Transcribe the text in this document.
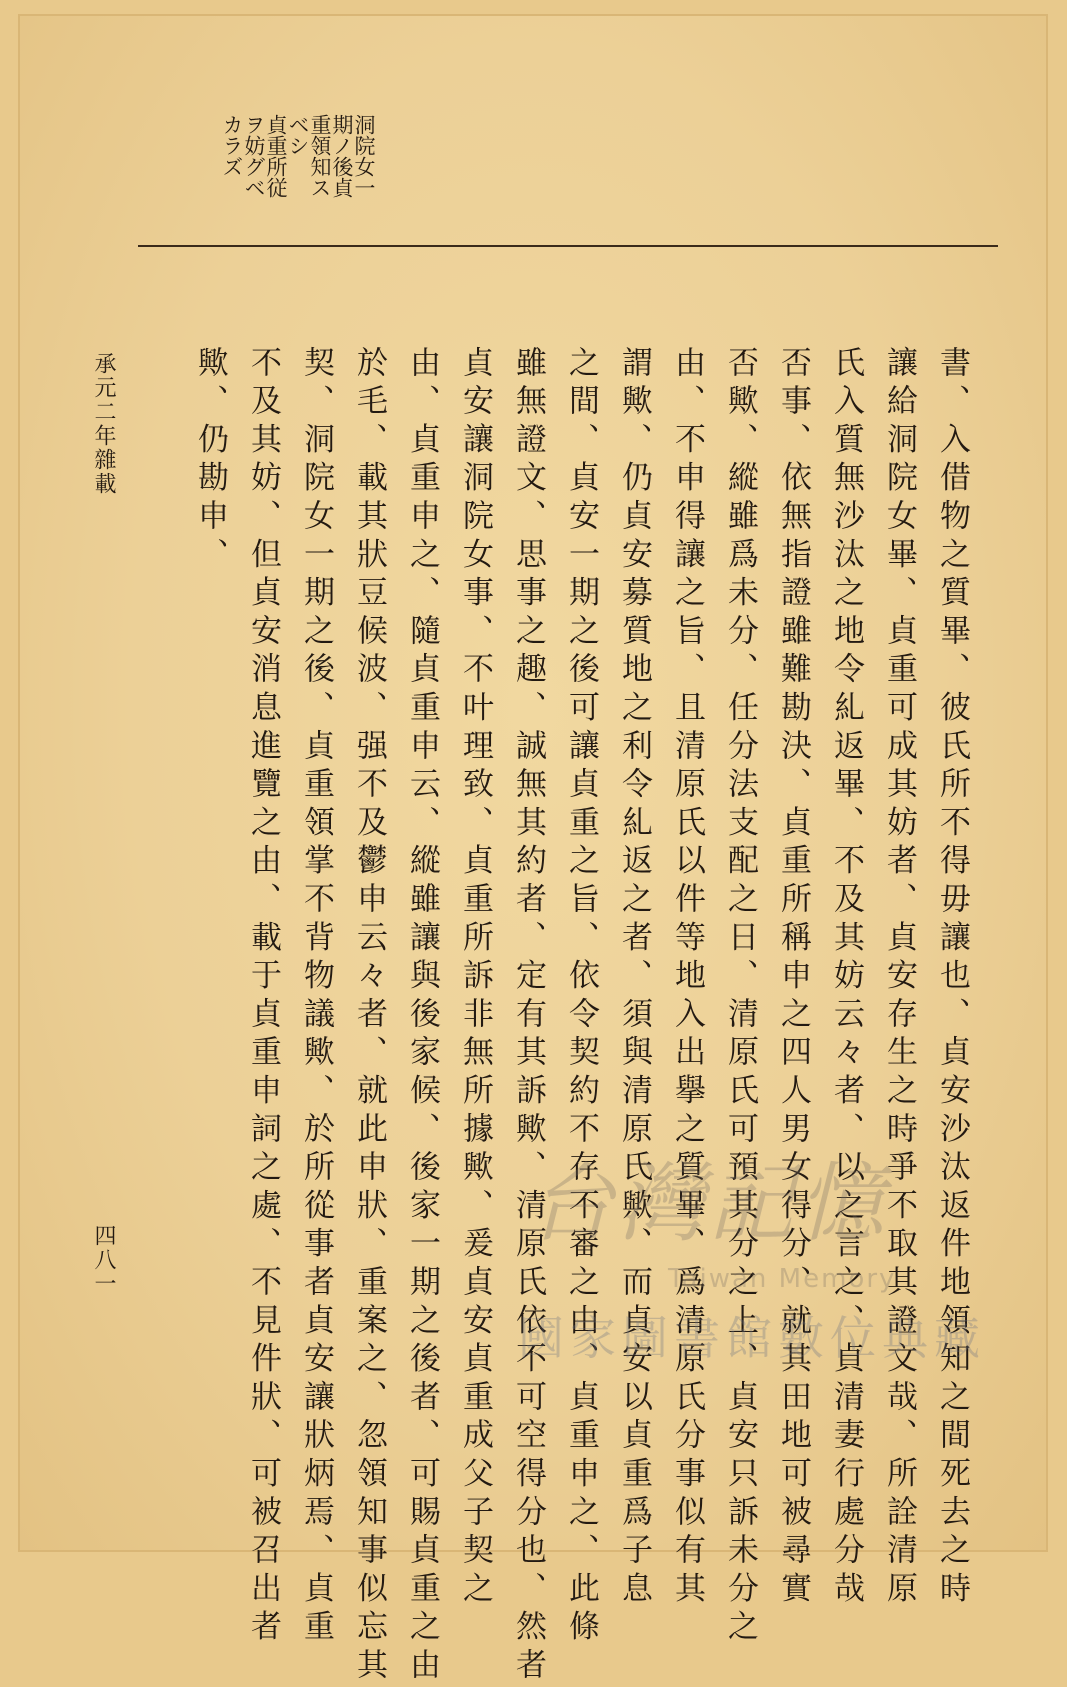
洞院女一
期ノ後貞
重領知ス
ベシ
貞重所従
ヲ妨グベ
カラズ
書、入借物之質畢、彼氏所不得毋讓也、貞安沙汰返件地領知之間死去之時
讓給洞院女畢、貞重可成其妨者、貞安存生之時爭不取其證文哉、所詮清原
氏入質無沙汰之地令糺返畢、不及其妨云々者、以之言之、貞清妻行處分哉
否事、依無指證雖難勘決、貞重所稱申之四人男女得分、就其田地可被尋實
否歟、縱雖爲未分、任分法支配之日、清原氏可預其分之上、貞安只訴未分之
由、不申得讓之旨、且清原氏以件等地入出擧之質畢、爲清原氏分事似有其
謂歟、仍貞安募質地之利令糺返之者、須與清原氏歟、而貞安以貞重爲子息
之間、貞安一期之後可讓貞重之旨、依令契約不存不審之由、貞重申之、此條
雖無證文、思事之趣、誠無其約者、定有其訴歟、清原氏依不可空得分也、然者
貞安讓洞院女事、不叶理致、貞重所訴非無所據歟、爰貞安貞重成父子契之
由、貞重申之、隨貞重申云、縱雖讓與後家候、後家一期之後者、可賜貞重之由
於毛、載其狀豆候波、强不及鬱申云々者、就此申狀、重案之、忽領知事似忘其
契、洞院女一期之後、貞重領掌不背物議歟、於所從事者貞安讓狀炳焉、貞重
不及其妨、但貞安消息進覽之由、載于貞重申詞之處、不見件狀、可被召出者
歟、仍勘申、
承元二年雜載
四八一
台灣記憶
Taiwan Memory
國家圖書館數位典藏
